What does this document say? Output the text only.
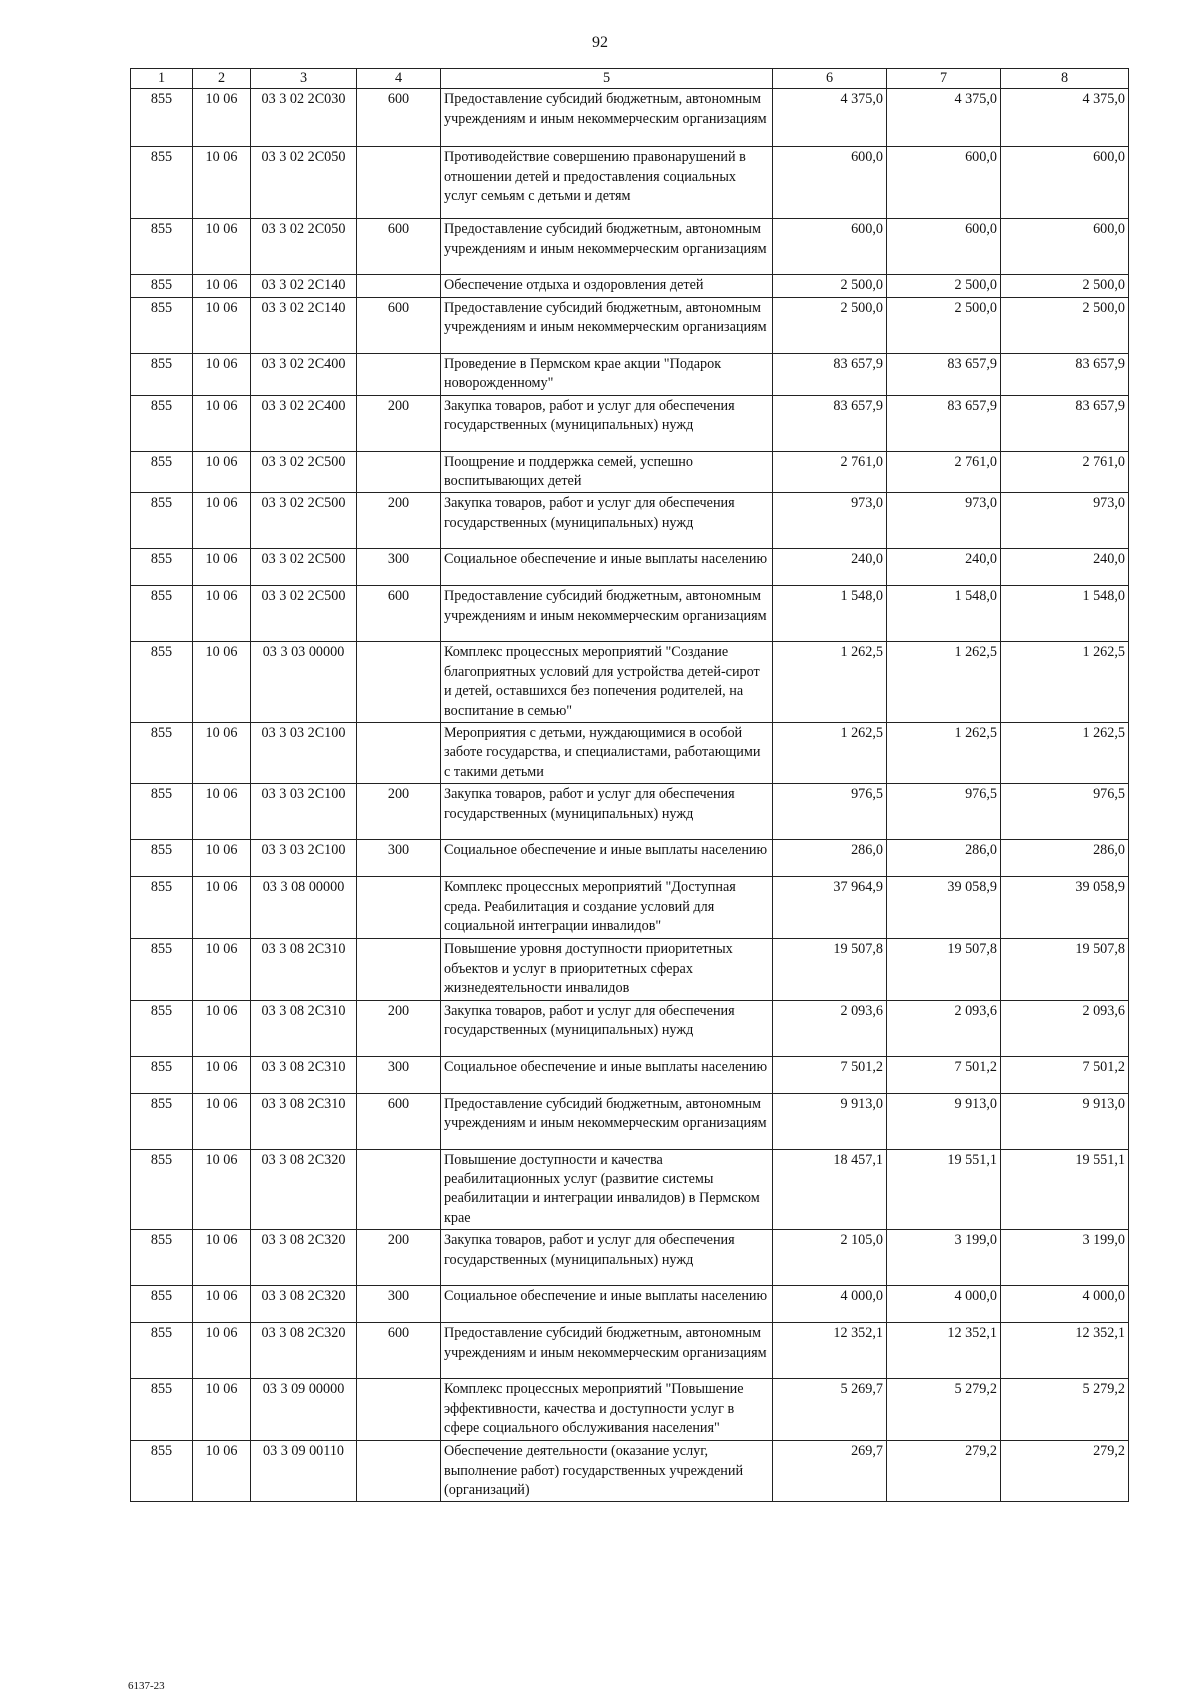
92
1	2	3	4	5	6	7	8
855	10 06	03 3 02 2С030	600	Предоставление субсидий бюджетным, автономным учреждениям и иным некоммерческим организациям	4 375,0	4 375,0	4 375,0
855	10 06	03 3 02 2С050		Противодействие совершению правонарушений в отношении детей и предоставления социальных услуг семьям с детьми и детям	600,0	600,0	600,0
855	10 06	03 3 02 2С050	600	Предоставление субсидий бюджетным, автономным учреждениям и иным некоммерческим организациям	600,0	600,0	600,0
855	10 06	03 3 02 2С140		Обеспечение отдыха и оздоровления детей	2 500,0	2 500,0	2 500,0
855	10 06	03 3 02 2С140	600	Предоставление субсидий бюджетным, автономным учреждениям и иным некоммерческим организациям	2 500,0	2 500,0	2 500,0
855	10 06	03 3 02 2С400		Проведение в Пермском крае акции "Подарок новорожденному"	83 657,9	83 657,9	83 657,9
855	10 06	03 3 02 2С400	200	Закупка товаров, работ и услуг для обеспечения государственных (муниципальных) нужд	83 657,9	83 657,9	83 657,9
855	10 06	03 3 02 2С500		Поощрение и поддержка семей, успешно воспитывающих детей	2 761,0	2 761,0	2 761,0
855	10 06	03 3 02 2С500	200	Закупка товаров, работ и услуг для обеспечения государственных (муниципальных) нужд	973,0	973,0	973,0
855	10 06	03 3 02 2С500	300	Социальное обеспечение и иные выплаты населению	240,0	240,0	240,0
855	10 06	03 3 02 2С500	600	Предоставление субсидий бюджетным, автономным учреждениям и иным некоммерческим организациям	1 548,0	1 548,0	1 548,0
855	10 06	03 3 03 00000		Комплекс процессных мероприятий "Создание благоприятных условий для устройства детей-сирот и детей, оставшихся без попечения родителей, на воспитание в семью"	1 262,5	1 262,5	1 262,5
855	10 06	03 3 03 2С100		Мероприятия с детьми, нуждающимися в особой заботе государства, и специалистами, работающими с такими детьми	1 262,5	1 262,5	1 262,5
855	10 06	03 3 03 2С100	200	Закупка товаров, работ и услуг для обеспечения государственных (муниципальных) нужд	976,5	976,5	976,5
855	10 06	03 3 03 2С100	300	Социальное обеспечение и иные выплаты населению	286,0	286,0	286,0
855	10 06	03 3 08 00000		Комплекс процессных мероприятий "Доступная среда. Реабилитация и создание условий для социальной интеграции инвалидов"	37 964,9	39 058,9	39 058,9
855	10 06	03 3 08 2С310		Повышение уровня доступности приоритетных объектов и услуг в приоритетных сферах жизнедеятельности инвалидов	19 507,8	19 507,8	19 507,8
855	10 06	03 3 08 2С310	200	Закупка товаров, работ и услуг для обеспечения государственных (муниципальных) нужд	2 093,6	2 093,6	2 093,6
855	10 06	03 3 08 2С310	300	Социальное обеспечение и иные выплаты населению	7 501,2	7 501,2	7 501,2
855	10 06	03 3 08 2С310	600	Предоставление субсидий бюджетным, автономным учреждениям и иным некоммерческим организациям	9 913,0	9 913,0	9 913,0
855	10 06	03 3 08 2С320		Повышение доступности и качества реабилитационных услуг (развитие системы реабилитации и интеграции инвалидов) в Пермском крае	18 457,1	19 551,1	19 551,1
855	10 06	03 3 08 2С320	200	Закупка товаров, работ и услуг для обеспечения государственных (муниципальных) нужд	2 105,0	3 199,0	3 199,0
855	10 06	03 3 08 2С320	300	Социальное обеспечение и иные выплаты населению	4 000,0	4 000,0	4 000,0
855	10 06	03 3 08 2С320	600	Предоставление субсидий бюджетным, автономным учреждениям и иным некоммерческим организациям	12 352,1	12 352,1	12 352,1
855	10 06	03 3 09 00000		Комплекс процессных мероприятий "Повышение эффективности, качества и доступности услуг в сфере социального обслуживания населения"	5 269,7	5 279,2	5 279,2
855	10 06	03 3 09 00110		Обеспечение деятельности (оказание услуг, выполнение работ) государственных учреждений (организаций)	269,7	279,2	279,2
6137-23
